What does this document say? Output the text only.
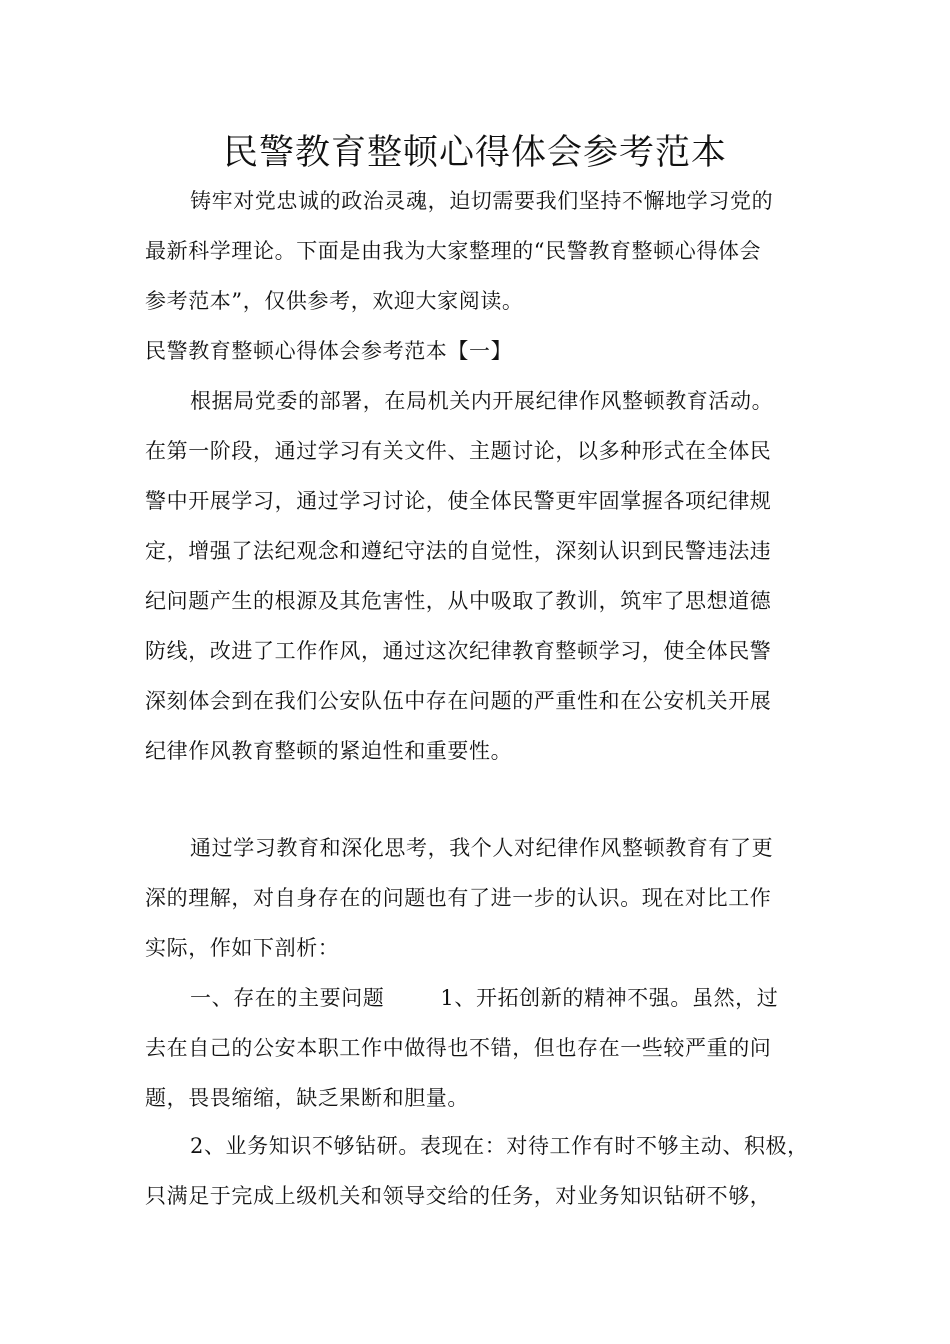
民警教育整顿心得体会参考范本
铸牢对党忠诚的政治灵魂，迫切需要我们坚持不懈地学习党的
最新科学理论。下面是由我为大家整理的“民警教育整顿心得体会
参考范本”，仅供参考，欢迎大家阅读。
民警教育整顿心得体会参考范本【一】
根据局党委的部署，在局机关内开展纪律作风整顿教育活动。
在第一阶段，通过学习有关文件、主题讨论，以多种形式在全体民
警中开展学习，通过学习讨论，使全体民警更牢固掌握各项纪律规
定，增强了法纪观念和遵纪守法的自觉性，深刻认识到民警违法违
纪问题产生的根源及其危害性，从中吸取了教训，筑牢了思想道德
防线，改进了工作作风，通过这次纪律教育整顿学习，使全体民警
深刻体会到在我们公安队伍中存在问题的严重性和在公安机关开展
纪律作风教育整顿的紧迫性和重要性。
通过学习教育和深化思考，我个人对纪律作风整顿教育有了更
深的理解，对自身存在的问题也有了进一步的认识。现在对比工作
实际，作如下剖析：
一、存在的主要问题	1、开拓创新的精神不强。虽然，过
去在自己的公安本职工作中做得也不错，但也存在一些较严重的问
题，畏畏缩缩，缺乏果断和胆量。
2、业务知识不够钻研。表现在：对待工作有时不够主动、积极，
只满足于完成上级机关和领导交给的任务，对业务知识钻研不够，
